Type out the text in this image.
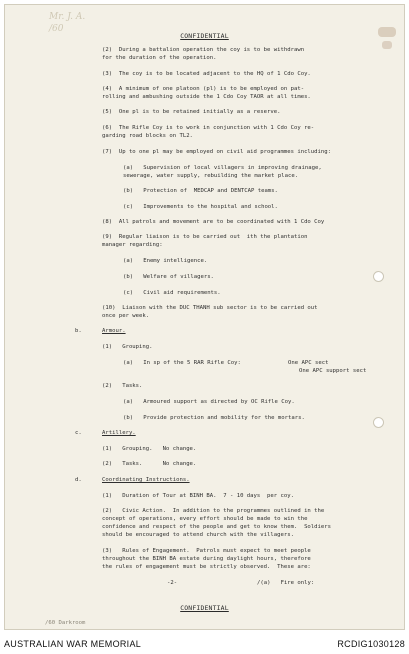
Mr. J. A.
/60
CONFIDENTIAL
(2)  During a battalion operation the coy is to be withdrawn
for the duration of the operation.
(3)  The coy is to be located adjacent to the HQ of 1 Cdo Coy.
(4)  A minimum of one platoon (pl) is to be employed on pat-
rolling and ambushing outside the 1 Cdo Coy TAOR at all times.
(5)  One pl is to be retained initially as a reserve.
(6)  The Rifle Coy is to work in conjunction with 1 Cdo Coy re-
garding road blocks on TL2.
(7)  Up to one pl may be employed on civil aid programmes including:
(a)   Supervision of local villagers in improving drainage,
sewerage, water supply, rebuilding the market place.
(b)   Protection of  MEDCAP and DENTCAP teams.
(c)   Improvements to the hospital and school.
(8)  All patrols and movement are to be coordinated with 1 Cdo Coy
(9)  Regular liaison is to be carried out  ith the plantation
manager regarding:
(a)   Enemy intelligence.
(b)   Welfare of villagers.
(c)   Civil aid requirements.
(10)  Liaison with the DUC THANH sub sector is to be carried out
once per week.
b.
(1)   Grouping.
(a)   In sp of the 5 RAR Rifle Coy:              One APC sect
One APC support sect
(2)   Tasks.
(a)   Armoured support as directed by OC Rifle Coy.
(b)   Provide protection and mobility for the mortars.
c.
(1)   Grouping.   No change.
(2)   Tasks.      No change.
d.
(1)   Duration of Tour at BINH BA.  7 - 10 days  per coy.
(2)   Civic Action.  In addition to the programmes outlined in the
concept of operations, every effort should be made to win the
confidence and respect of the people and get to know them.  Soldiers
should be encouraged to attend church with the villagers.
(3)   Rules of Engagement.  Patrols must expect to meet people
throughout the BINH BA estate during daylight hours, therefore
the rules of engagement must be strictly observed.  These are:
-2-	/(a)   Fire only:
Armour.
Artillery.
Coordinating Instructions.
/60 Darkroom
CONFIDENTIAL
AUSTRALIAN WAR MEMORIAL	RCDIG1030128
